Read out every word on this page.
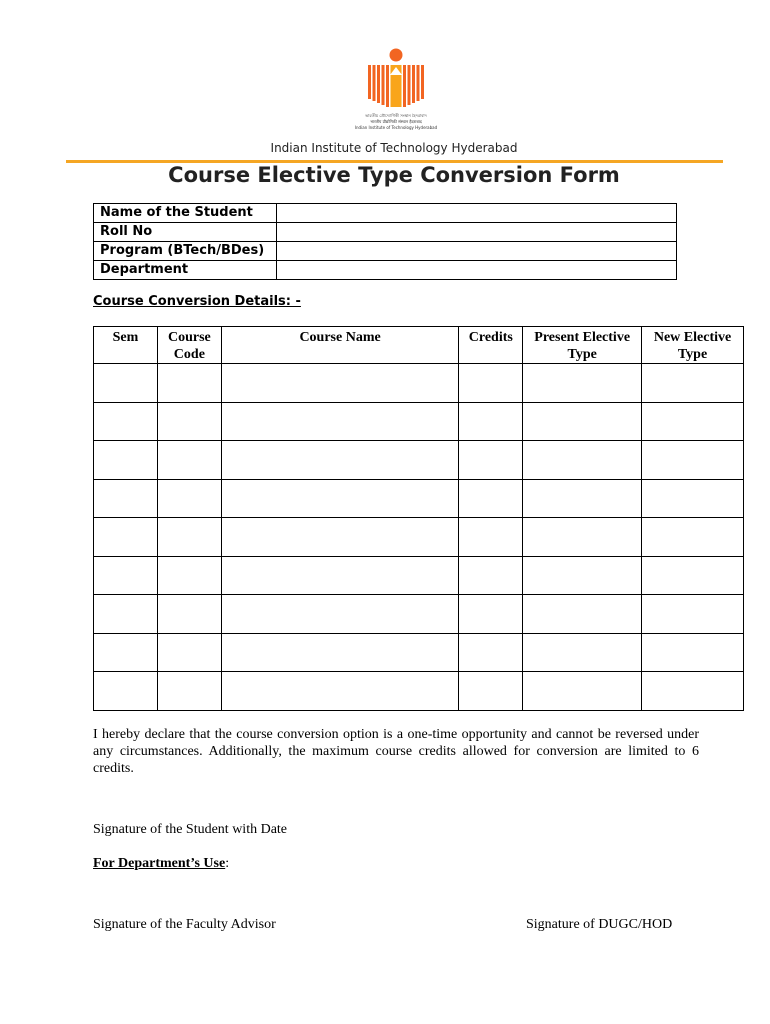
ভারতীয় প্রৌদ্যোগিকী সংস্থান হৈদরাবাদ
भारतीय प्रौद्योगिकी संस्थान हैदराबाद
Indian Institute of Technology Hyderabad
Indian Institute of Technology Hyderabad
Course Elective Type Conversion Form
Name of the Student	
Roll No	
Program (BTech/BDes)	
Department	
Course Conversion Details: -
Sem	Course Code	Course Name	Credits	Present Elective Type	New Elective Type

I hereby declare that the course conversion option is a one-time opportunity and cannot be reversed under any circumstances. Additionally, the maximum course credits allowed for conversion are limited to 6 credits.
Signature of the Student with Date
For Department’s Use:
Signature of the Faculty Advisor	Signature of DUGC/HOD
